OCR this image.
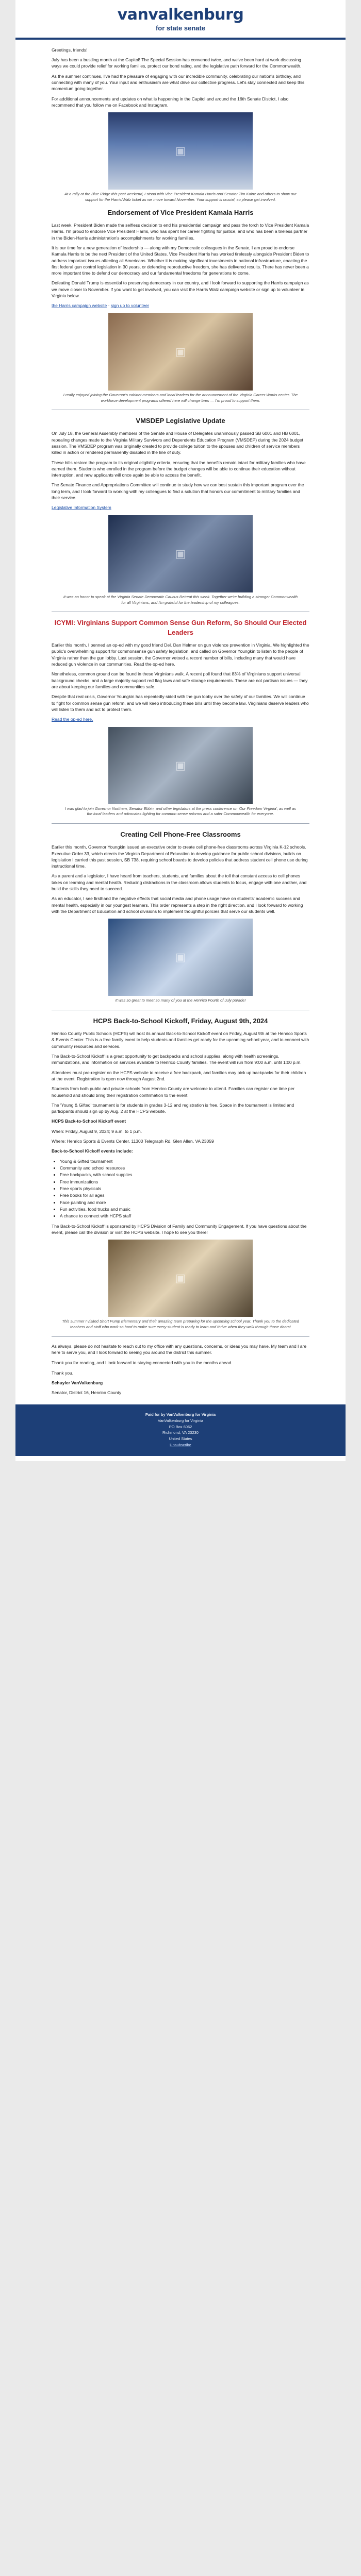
vanvalkenburg
for state senate

Greetings, friends!

July has been a bustling month at the Capitol! The Special Session has convened twice, and we've been hard at work discussing ways we could provide relief for working families, protect our bond rating, and the legislative path forward for the Commonwealth.

As the summer continues, I've had the pleasure of engaging with our incredible community, celebrating our nation's birthday, and connecting with many of you. Your input and enthusiasm are what drive our collective progress. Let's stay connected and keep this momentum going together.

For additional announcements and updates on what is happening in the Capitol and around the 16th Senate District, I also recommend that you follow me on Facebook and Instagram.

▣

At a rally at the Blue Ridge this past weekend, I stood with Vice President Kamala Harris and Senator Tim Kaine and others to show our support for the Harris/Walz ticket as we move toward November. Your support is crucial, so please get involved.

Endorsement of Vice President Kamala Harris

Last week, President Biden made the selfless decision to end his presidential campaign and pass the torch to Vice President Kamala Harris. I'm proud to endorse Vice President Harris, who has spent her career fighting for justice, and who has been a tireless partner in the Biden-Harris administration's accomplishments for working families.

It is our time for a new generation of leadership — along with my Democratic colleagues in the Senate, I am proud to endorse Kamala Harris to be the next President of the United States. Vice President Harris has worked tirelessly alongside President Biden to address important issues affecting all Americans. Whether it is making significant investments in national infrastructure, enacting the first federal gun control legislation in 30 years, or defending reproductive freedom, she has delivered results. There has never been a more important time to defend our democracy and our fundamental freedoms for generations to come.

Defeating Donald Trump is essential to preserving democracy in our country, and I look forward to supporting the Harris campaign as we move closer to November. If you want to get involved, you can visit the Harris Walz campaign website or sign up to volunteer in Virginia below.

the Harris campaign website · sign up to volunteer

▣

I really enjoyed joining the Governor's cabinet members and local leaders for the announcement of the Virginia Career Works center. The workforce development programs offered here will change lives — I'm proud to support them.

VMSDEP Legislative Update

On July 18, the General Assembly members of the Senate and House of Delegates unanimously passed SB 6001 and HB 6001, repealing changes made to the Virginia Military Survivors and Dependents Education Program (VMSDEP) during the 2024 budget session. The VMSDEP program was originally created to provide college tuition to the spouses and children of service members killed in action or rendered permanently disabled in the line of duty.

These bills restore the program to its original eligibility criteria, ensuring that the benefits remain intact for military families who have earned them. Students who enrolled in the program before the budget changes will be able to continue their education without interruption, and new applicants will once again be able to access the benefit.

The Senate Finance and Appropriations Committee will continue to study how we can best sustain this important program over the long term, and I look forward to working with my colleagues to find a solution that honors our commitment to military families and their service.

Legislative Information System

▣

It was an honor to speak at the Virginia Senate Democratic Caucus Retreat this week. Together we're building a stronger Commonwealth for all Virginians, and I'm grateful for the leadership of my colleagues.

ICYMI: Virginians Support Common Sense Gun Reform, So Should Our Elected Leaders

Earlier this month, I penned an op-ed with my good friend Del. Dan Helmer on gun violence prevention in Virginia. We highlighted the public's overwhelming support for commonsense gun safety legislation, and called on Governor Youngkin to listen to the people of Virginia rather than the gun lobby. Last session, the Governor vetoed a record number of bills, including many that would have reduced gun violence in our communities. Read the op-ed here.

Nonetheless, common ground can be found in these Virginians walk. A recent poll found that 83% of Virginians support universal background checks, and a large majority support red flag laws and safe storage requirements. These are not partisan issues — they are about keeping our families and communities safe.

Despite that real crisis, Governor Youngkin has repeatedly sided with the gun lobby over the safety of our families. We will continue to fight for common sense gun reform, and we will keep introducing these bills until they become law. Virginians deserve leaders who will listen to them and act to protect them.

Read the op-ed here.

▣

I was glad to join Governor Northam, Senator Ebbin, and other legislators at the press conference on 'Our Freedom Virginia', as well as the local leaders and advocates fighting for common sense reforms and a safer Commonwealth for everyone.

Creating Cell Phone-Free Classrooms

Earlier this month, Governor Youngkin issued an executive order to create cell phone-free classrooms across Virginia K-12 schools. Executive Order 33, which directs the Virginia Department of Education to develop guidance for public school divisions, builds on legislation I carried this past session, SB 738, requiring school boards to develop policies that address student cell phone use during instructional time.

As a parent and a legislator, I have heard from teachers, students, and families about the toll that constant access to cell phones takes on learning and mental health. Reducing distractions in the classroom allows students to focus, engage with one another, and build the skills they need to succeed.

As an educator, I see firsthand the negative effects that social media and phone usage have on students' academic success and mental health, especially in our youngest learners. This order represents a step in the right direction, and I look forward to working with the Department of Education and school divisions to implement thoughtful policies that serve our students well.

▣

It was so great to meet so many of you at the Henrico Fourth of July parade!

HCPS Back-to-School Kickoff, Friday, August 9th, 2024

Henrico County Public Schools (HCPS) will host its annual Back-to-School Kickoff event on Friday, August 9th at the Henrico Sports & Events Center. This is a free family event to help students and families get ready for the upcoming school year, and to connect with community resources and services.

The Back-to-School Kickoff is a great opportunity to get backpacks and school supplies, along with health screenings, immunizations, and information on services available to Henrico County families. The event will run from 9:00 a.m. until 1:00 p.m.

Attendees must pre-register on the HCPS website to receive a free backpack, and families may pick up backpacks for their children at the event. Registration is open now through August 2nd.

Students from both public and private schools from Henrico County are welcome to attend. Families can register one time per household and should bring their registration confirmation to the event.

The 'Young & Gifted' tournament is for students in grades 3-12 and registration is free. Space in the tournament is limited and participants should sign up by Aug. 2 at the HCPS website.

HCPS Back-to-School Kickoff event

When: Friday, August 9, 2024; 9 a.m. to 1 p.m.

Where: Henrico Sports & Events Center, 11300 Telegraph Rd, Glen Allen, VA 23059

Back-to-School Kickoff events include:

• Young & Gifted tournament
• Community and school resources
• Free backpacks, with school supplies
• Free immunizations
• Free sports physicals
• Free books for all ages
• Face painting and more
• Fun activities, food trucks and music
• A chance to connect with HCPS staff

The Back-to-School Kickoff is sponsored by HCPS Division of Family and Community Engagement. If you have questions about the event, please call the division or visit the HCPS website. I hope to see you there!

▣

This summer I visited Short Pump Elementary and their amazing team preparing for the upcoming school year. Thank you to the dedicated teachers and staff who work so hard to make sure every student is ready to learn and thrive when they walk through those doors!

As always, please do not hesitate to reach out to my office with any questions, concerns, or ideas you may have. My team and I are here to serve you, and I look forward to seeing you around the district this summer.

Thank you for reading, and I look forward to staying connected with you in the months ahead.

Thank you.

Schuyler VanValkenburg

Senator, District 16, Henrico County

Paid for by VanValkenburg for Virginia
VanValkenburg for Virginia
PO Box 6062
Richmond, VA 23230
United States
Unsubscribe
